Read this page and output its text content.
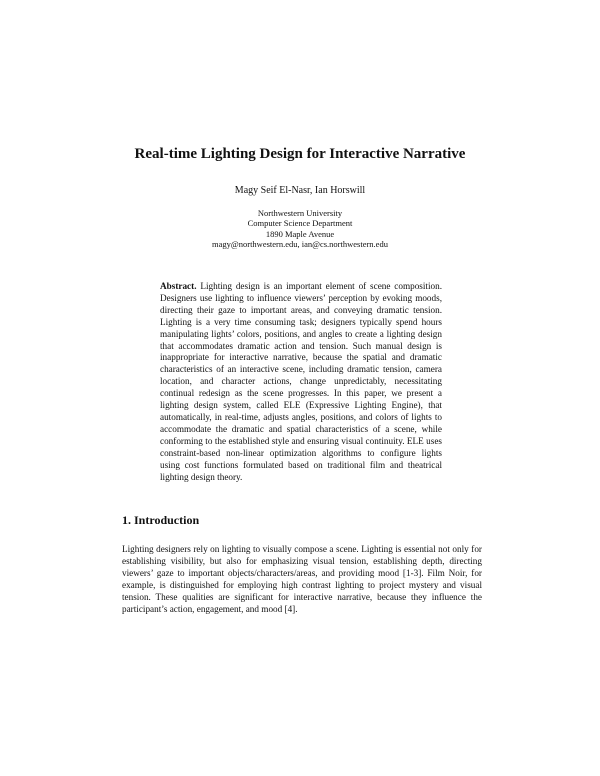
Real-time Lighting Design for Interactive Narrative
Magy Seif El-Nasr, Ian Horswill
Northwestern University
Computer Science Department
1890 Maple Avenue
magy@northwestern.edu, ian@cs.northwestern.edu
Abstract. Lighting design is an important element of scene composition. Designers use lighting to influence viewers’ perception by evoking moods, directing their gaze to important areas, and conveying dramatic tension. Lighting is a very time consuming task; designers typically spend hours manipulating lights’ colors, positions, and angles to create a lighting design that accommodates dramatic action and tension. Such manual design is inappropriate for interactive narrative, because the spatial and dramatic characteristics of an interactive scene, including dramatic tension, camera location, and character actions, change unpredictably, necessitating continual redesign as the scene progresses. In this paper, we present a lighting design system, called ELE (Expressive Lighting Engine), that automatically, in real-time, adjusts angles, positions, and colors of lights to accommodate the dramatic and spatial characteristics of a scene, while conforming to the established style and ensuring visual continuity. ELE uses constraint-based non-linear optimization algorithms to configure lights using cost functions formulated based on traditional film and theatrical lighting design theory.
1. Introduction
Lighting designers rely on lighting to visually compose a scene. Lighting is essential not only for establishing visibility, but also for emphasizing visual tension, establishing depth, directing viewers’ gaze to important objects/characters/areas, and providing mood [1-3]. Film Noir, for example, is distinguished for employing high contrast lighting to project mystery and visual tension. These qualities are significant for interactive narrative, because they influence the participant’s action, engagement, and mood [4].
